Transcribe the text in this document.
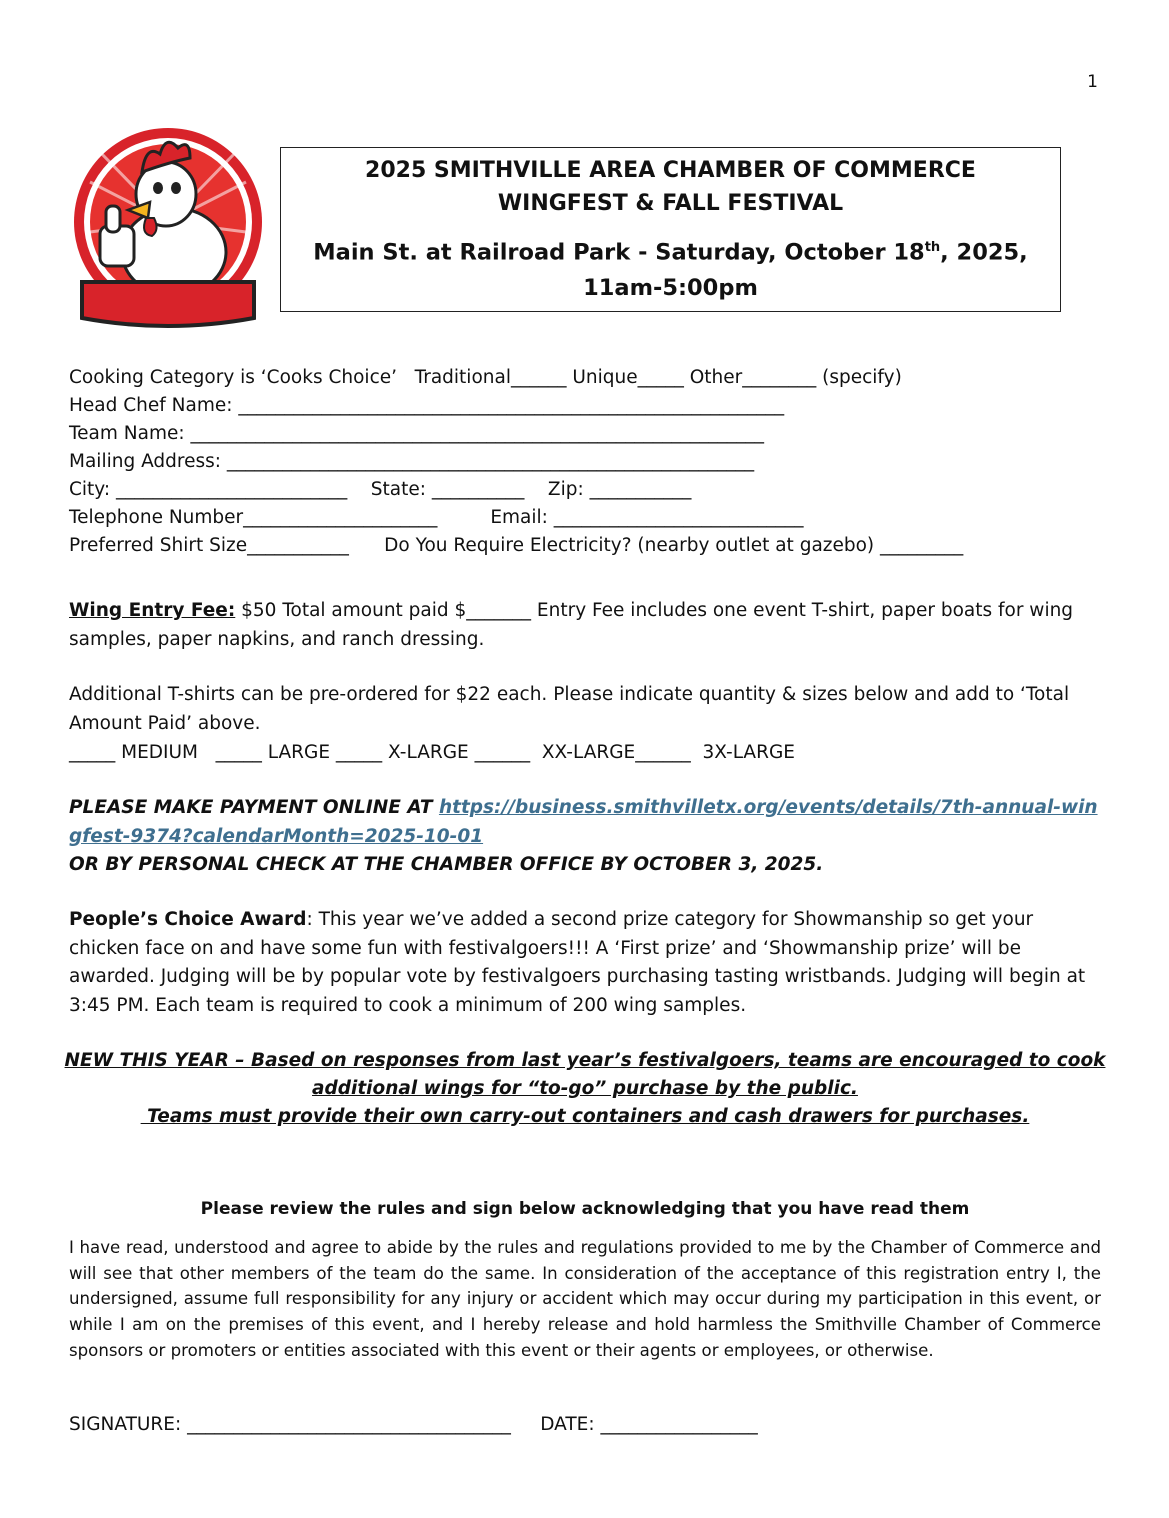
1
2025 SMITHVILLE AREA CHAMBER OF COMMERCE
WINGFEST & FALL FESTIVAL
Main St. at Railroad Park - Saturday, October 18th, 2025, 11am-5:00pm
Cooking Category is ‘Cooks Choice’   Traditional______ Unique_____ Other________ (specify)
Head Chef Name: ___________________________________________________________
Team Name: ______________________________________________________________
Mailing Address: _________________________________________________________
City: _________________________    State: __________    Zip: ___________
Telephone Number_____________________         Email: ___________________________
Preferred Shirt Size___________      Do You Require Electricity? (nearby outlet at gazebo) _________
Wing Entry Fee: $50 Total amount paid $_______ Entry Fee includes one event T-shirt, paper boats for wing samples, paper napkins, and ranch dressing.
Additional T-shirts can be pre-ordered for $22 each. Please indicate quantity & sizes below and add to ‘Total Amount Paid’ above.
_____ MEDIUM   _____ LARGE _____ X-LARGE ______  XX-LARGE______  3X-LARGE
PLEASE MAKE PAYMENT ONLINE AT https://business.smithvilletx.org/events/details/7th-annual-wingfest-9374?calendarMonth=2025-10-01
OR BY PERSONAL CHECK AT THE CHAMBER OFFICE BY OCTOBER 3, 2025.
People’s Choice Award: This year we’ve added a second prize category for Showmanship so get your chicken face on and have some fun with festivalgoers!!! A ‘First prize’ and ‘Showmanship prize’ will be awarded. Judging will be by popular vote by festivalgoers purchasing tasting wristbands. Judging will begin at 3:45 PM. Each team is required to cook a minimum of 200 wing samples.
NEW THIS YEAR – Based on responses from last year’s festivalgoers, teams are encouraged to cook
additional wings for “to-go” purchase by the public.
Teams must provide their own carry-out containers and cash drawers for purchases.
Please review the rules and sign below acknowledging that you have read them
I have read, understood and agree to abide by the rules and regulations provided to me by the Chamber of Commerce and will see that other members of the team do the same. In consideration of the acceptance of this registration entry I, the undersigned, assume full responsibility for any injury or accident which may occur during my participation in this event, or while I am on the premises of this event, and I hereby release and hold harmless the Smithville Chamber of Commerce sponsors or promoters or entities associated with this event or their agents or employees, or otherwise.
SIGNATURE: ___________________________________     DATE: _________________
